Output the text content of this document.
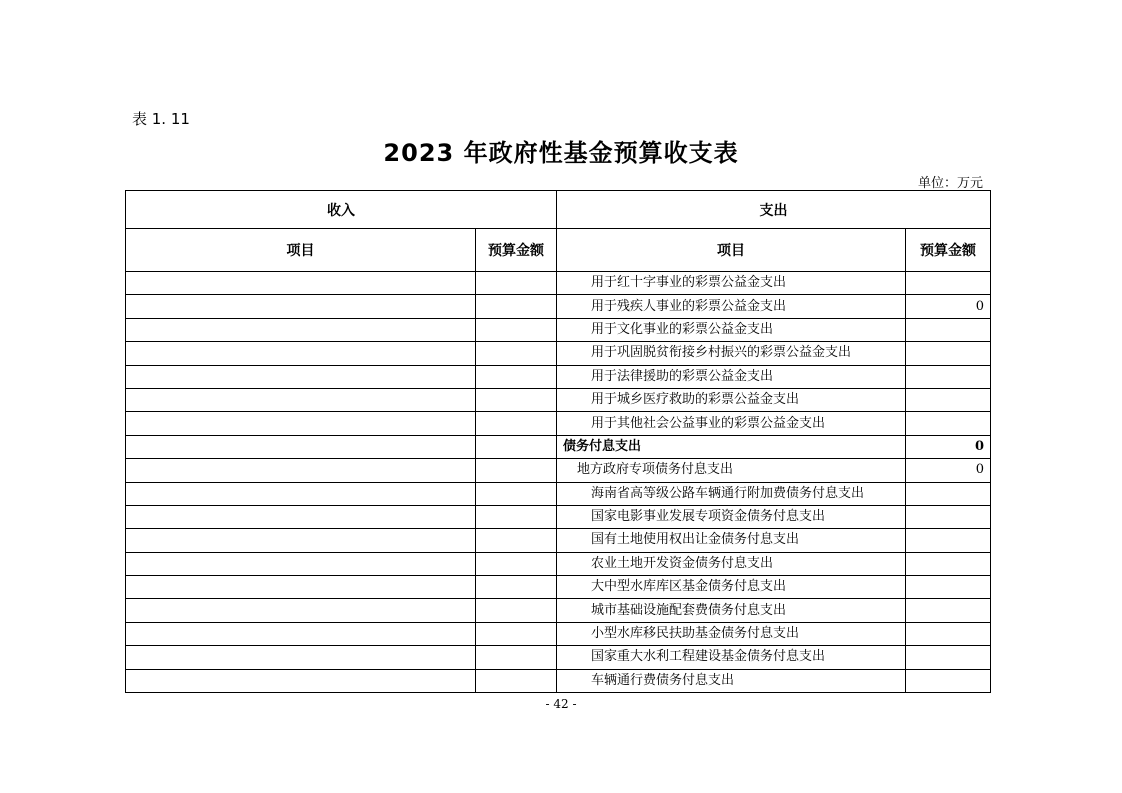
表 1. 11
2023 年政府性基金预算收支表
单位：万元
收入		支出	
项目	预算金额	项目	预算金额
		用于红十字事业的彩票公益金支出	
		用于残疾人事业的彩票公益金支出	0
		用于文化事业的彩票公益金支出	
		用于巩固脱贫衔接乡村振兴的彩票公益金支出	
		用于法律援助的彩票公益金支出	
		用于城乡医疗救助的彩票公益金支出	
		用于其他社会公益事业的彩票公益金支出	
		债务付息支出	0
		地方政府专项债务付息支出	0
		海南省高等级公路车辆通行附加费债务付息支出	
		国家电影事业发展专项资金债务付息支出	
		国有土地使用权出让金债务付息支出	
		农业土地开发资金债务付息支出	
		大中型水库库区基金债务付息支出	
		城市基础设施配套费债务付息支出	
		小型水库移民扶助基金债务付息支出	
		国家重大水利工程建设基金债务付息支出	
		车辆通行费债务付息支出	
- 42 -
